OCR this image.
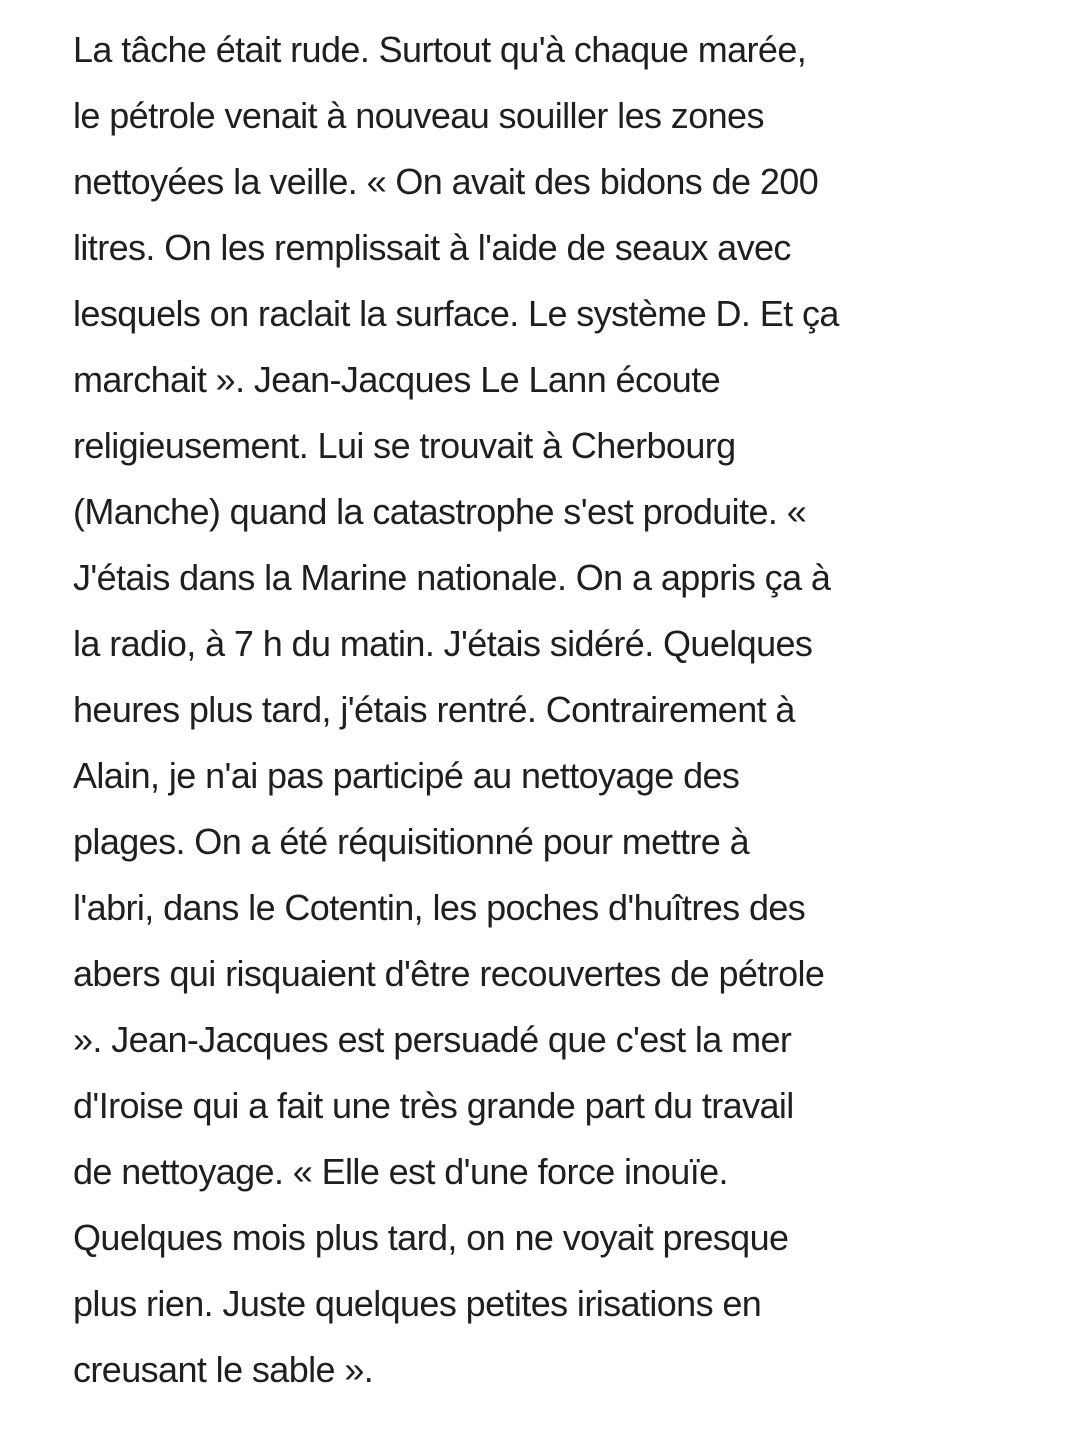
La tâche était rude. Surtout qu'à chaque marée,
le pétrole venait à nouveau souiller les zones
nettoyées la veille. « On avait des bidons de 200
litres. On les remplissait à l'aide de seaux avec
lesquels on raclait la surface. Le système D. Et ça
marchait ». Jean-Jacques Le Lann écoute
religieusement. Lui se trouvait à Cherbourg
(Manche) quand la catastrophe s'est produite. «
J'étais dans la Marine nationale. On a appris ça à
la radio, à 7 h du matin. J'étais sidéré. Quelques
heures plus tard, j'étais rentré. Contrairement à
Alain, je n'ai pas participé au nettoyage des
plages. On a été réquisitionné pour mettre à
l'abri, dans le Cotentin, les poches d'huîtres des
abers qui risquaient d'être recouvertes de pétrole
». Jean-Jacques est persuadé que c'est la mer
d'Iroise qui a fait une très grande part du travail
de nettoyage. « Elle est d'une force inouïe.
Quelques mois plus tard, on ne voyait presque
plus rien. Juste quelques petites irisations en
creusant le sable ».
